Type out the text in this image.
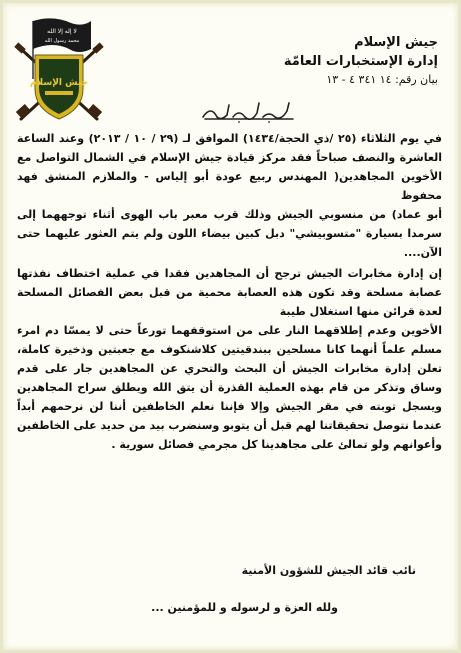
لا إله إلا الله
محمد رسول الله
جيش الإسلام
جيش الإسلام
إدارة الإستخبارات العامّة
بيان رقم: ١٤ ٣٤١ ٤ - ١٣

في يوم الثلاثاء (٢٥ /ذي الحجة/١٤٣٤) الموافق لـ (٢٩ / ١٠ / ٢٠١٣) وعند الساعة العاشرة والنصف صباحاً فقد مركز قيادة جيش الإسلام في الشمال التواصل مع الأخوين المجاهدين( المهندس ربيع عودة أبو إلياس - والملازم المنشق فهد محفوظ

أبو عماد) من منسوبي الجيش وذلك قرب معبر باب الهوى أثناء توجههما إلى سرمدا بسيارة "متسوبيشي" دبل كبين بيضاء اللون ولم يتم العثور عليهما حتى الآن....

إن إدارة مخابرات الجيش ترجح أن المجاهدين فقدا في عملية اختطاف نفذتها عصابة مسلحة وقد تكون هذه العصابة محمية من قبل بعض الفصائل المسلحة لعدة قرائن منها استغلال طيبة

الأخوين وعدم إطلاقهما النار على من استوقفهما تورعاً حتى لا يمسّا دم امرء مسلم علماً أنهما كانا مسلحين ببندقيتين كلاشنكوف مع جعبتين وذخيرة كاملة، تعلن إدارة مخابرات الجيش أن البحث والتحري عن المجاهدين جار على قدم وساق وتذكر من قام بهذه العملية القذرة أن يتق الله ويطلق سراح المجاهدين ويسجل توبته في مقر الجيش وإلا فإننا نعلم الخاطفين أننا لن نرحمهم أبداً عندما نتوصل تحقيقاتنا لهم قبل أن يتوبو وسنضرب بيد من حديد على الخاطفين وأعوانهم ولو تمالئ على مجاهدينا كل مجرمي فصائل سورية .

نائب قائد الجيش للشؤون الأمنية
ولله العزة و لرسوله و للمؤمنين ...
